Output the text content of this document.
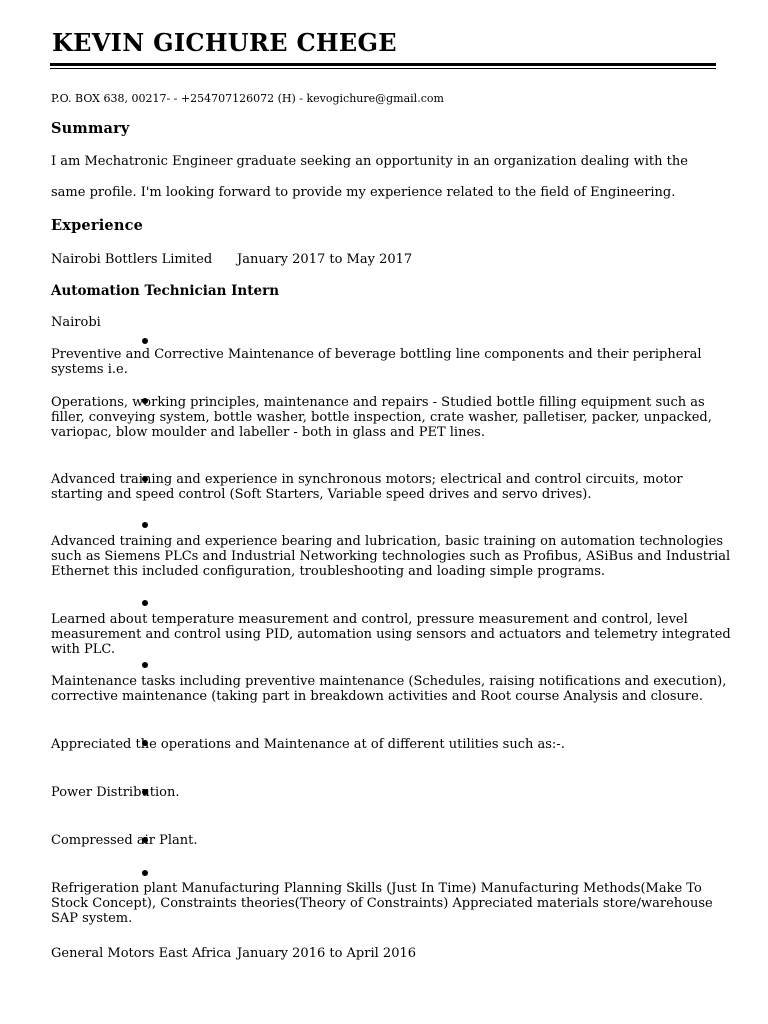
KEVIN GICHURE CHEGE
P.O. BOX 638, 00217- - +254707126072 (H) - kevogichure@gmail.com
Summary
I am Mechatronic Engineer graduate seeking an opportunity in an organization dealing with the
same profile. I'm looking forward to provide my experience related to the field of Engineering.
Experience
Nairobi Bottlers Limited January 2017 to May 2017
Automation Technician Intern
Nairobi
Preventive and Corrective Maintenance of beverage bottling line components and their peripheral systems i.e.
Operations, working principles, maintenance and repairs - Studied bottle filling equipment such as filler, conveying system, bottle washer, bottle inspection, crate washer, palletiser, packer, unpacked, variopac, blow moulder and labeller - both in glass and PET lines.
Advanced training and experience in synchronous motors; electrical and control circuits, motor starting and speed control (Soft Starters, Variable speed drives and servo drives).
Advanced training and experience bearing and lubrication, basic training on automation technologies such as Siemens PLCs and Industrial Networking technologies such as Profibus, ASiBus and Industrial Ethernet this included configuration, troubleshooting and loading simple programs.
Learned about temperature measurement and control, pressure measurement and control, level measurement and control using PID, automation using sensors and actuators and telemetry integrated with PLC.
Maintenance tasks including preventive maintenance (Schedules, raising notifications and execution), corrective maintenance (taking part in breakdown activities and Root course Analysis and closure.
Appreciated the operations and Maintenance at of different utilities such as:-.
Power Distribution.
Compressed air Plant.
Refrigeration plant Manufacturing Planning Skills (Just In Time) Manufacturing Methods(Make To Stock Concept), Constraints theories(Theory of Constraints) Appreciated materials store/warehouse SAP system.
General Motors East Africa January 2016 to April 2016
